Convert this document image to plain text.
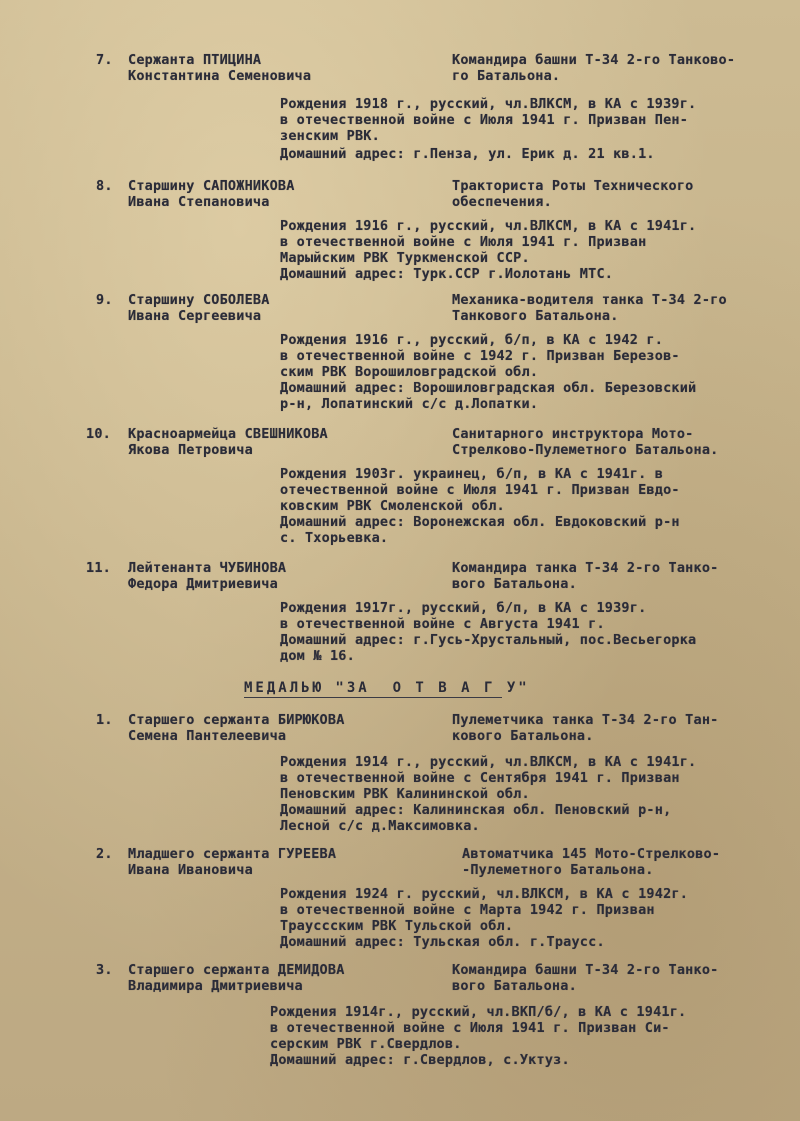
7. Сержанта ПТИЦИНА
Константина Семеновича
Командира башни Т-34 2-го Танково-
го Батальона.
Рождения 1918 г., русский, чл.ВЛКСМ, в КА с 1939г.
в отечественной войне с Июля 1941 г. Призван Пен-
зенским РВК.
Домашний адрес: г.Пенза, ул. Ерик д. 21 кв.1.
8. Старшину САПОЖНИКОВА
Ивана Степановича
Тракториста Роты Технического
обеспечения.
Рождения 1916 г., русский, чл.ВЛКСМ, в КА с 1941г.
в отечественной войне с Июля 1941 г. Призван
Марыйским РВК Туркменской ССР.
Домашний адрес: Турк.ССР г.Иолотань МТС.
9. Старшину СОБОЛЕВА
Ивана Сергеевича
Механика-водителя танка Т-34 2-го
Танкового Батальона.
Рождения 1916 г., русский, б/п, в КА с 1942 г.
в отечественной войне с 1942 г. Призван Березов-
ским РВК Ворошиловградской обл.
Домашний адрес: Ворошиловградская обл. Березовский
р-н, Лопатинский с/с д.Лопатки.
10. Красноармейца СВЕШНИКОВА
Якова Петровича
Санитарного инструктора Мото-
Стрелково-Пулеметного Батальона.
Рождения 1903г. украинец, б/п, в КА с 1941г. в
отечественной войне с Июля 1941 г. Призван Евдо-
ковским РВК Смоленской обл.
Домашний адрес: Воронежская обл. Евдоковский р-н
с. Тхорьевка.
11. Лейтенанта ЧУБИНОВА
Федора Дмитриевича
Командира танка Т-34 2-го Танко-
вого Батальона.
Рождения 1917г., русский, б/п, в КА с 1939г.
в отечественной войне с Августа 1941 г.
Домашний адрес: г.Гусь-Хрустальный, пос.Весьегорка
дом № 16.
МЕДАЛЬЮ "ЗА  О Т В А Г У"
1. Старшего сержанта БИРЮКОВА
Семена Пантелеевича
Пулеметчика танка Т-34 2-го Тан-
кового Батальона.
Рождения 1914 г., русский, чл.ВЛКСМ, в КА с 1941г.
в отечественной войне с Сентября 1941 г. Призван
Пеновским РВК Калининской обл.
Домашний адрес: Калининская обл. Пеновский р-н,
Лесной с/с д.Максимовка.
2. Младшего сержанта ГУРЕЕВА
Ивана Ивановича
Автоматчика 145 Мото-Стрелково-
-Пулеметного Батальона.
Рождения 1924 г. русский, чл.ВЛКСМ, в КА с 1942г.
в отечественной войне с Марта 1942 г. Призван
Трауссским РВК Тульской обл.
Домашний адрес: Тульская обл. г.Траусс.
3. Старшего сержанта ДЕМИДОВА
Владимира Дмитриевича
Командира башни Т-34 2-го Танко-
вого Батальона.
Рождения 1914г., русский, чл.ВКП/б/, в КА с 1941г.
в отечественной войне с Июля 1941 г. Призван Си-
серским РВК г.Свердлов.
Домашний адрес: г.Свердлов, с.Уктуз.
